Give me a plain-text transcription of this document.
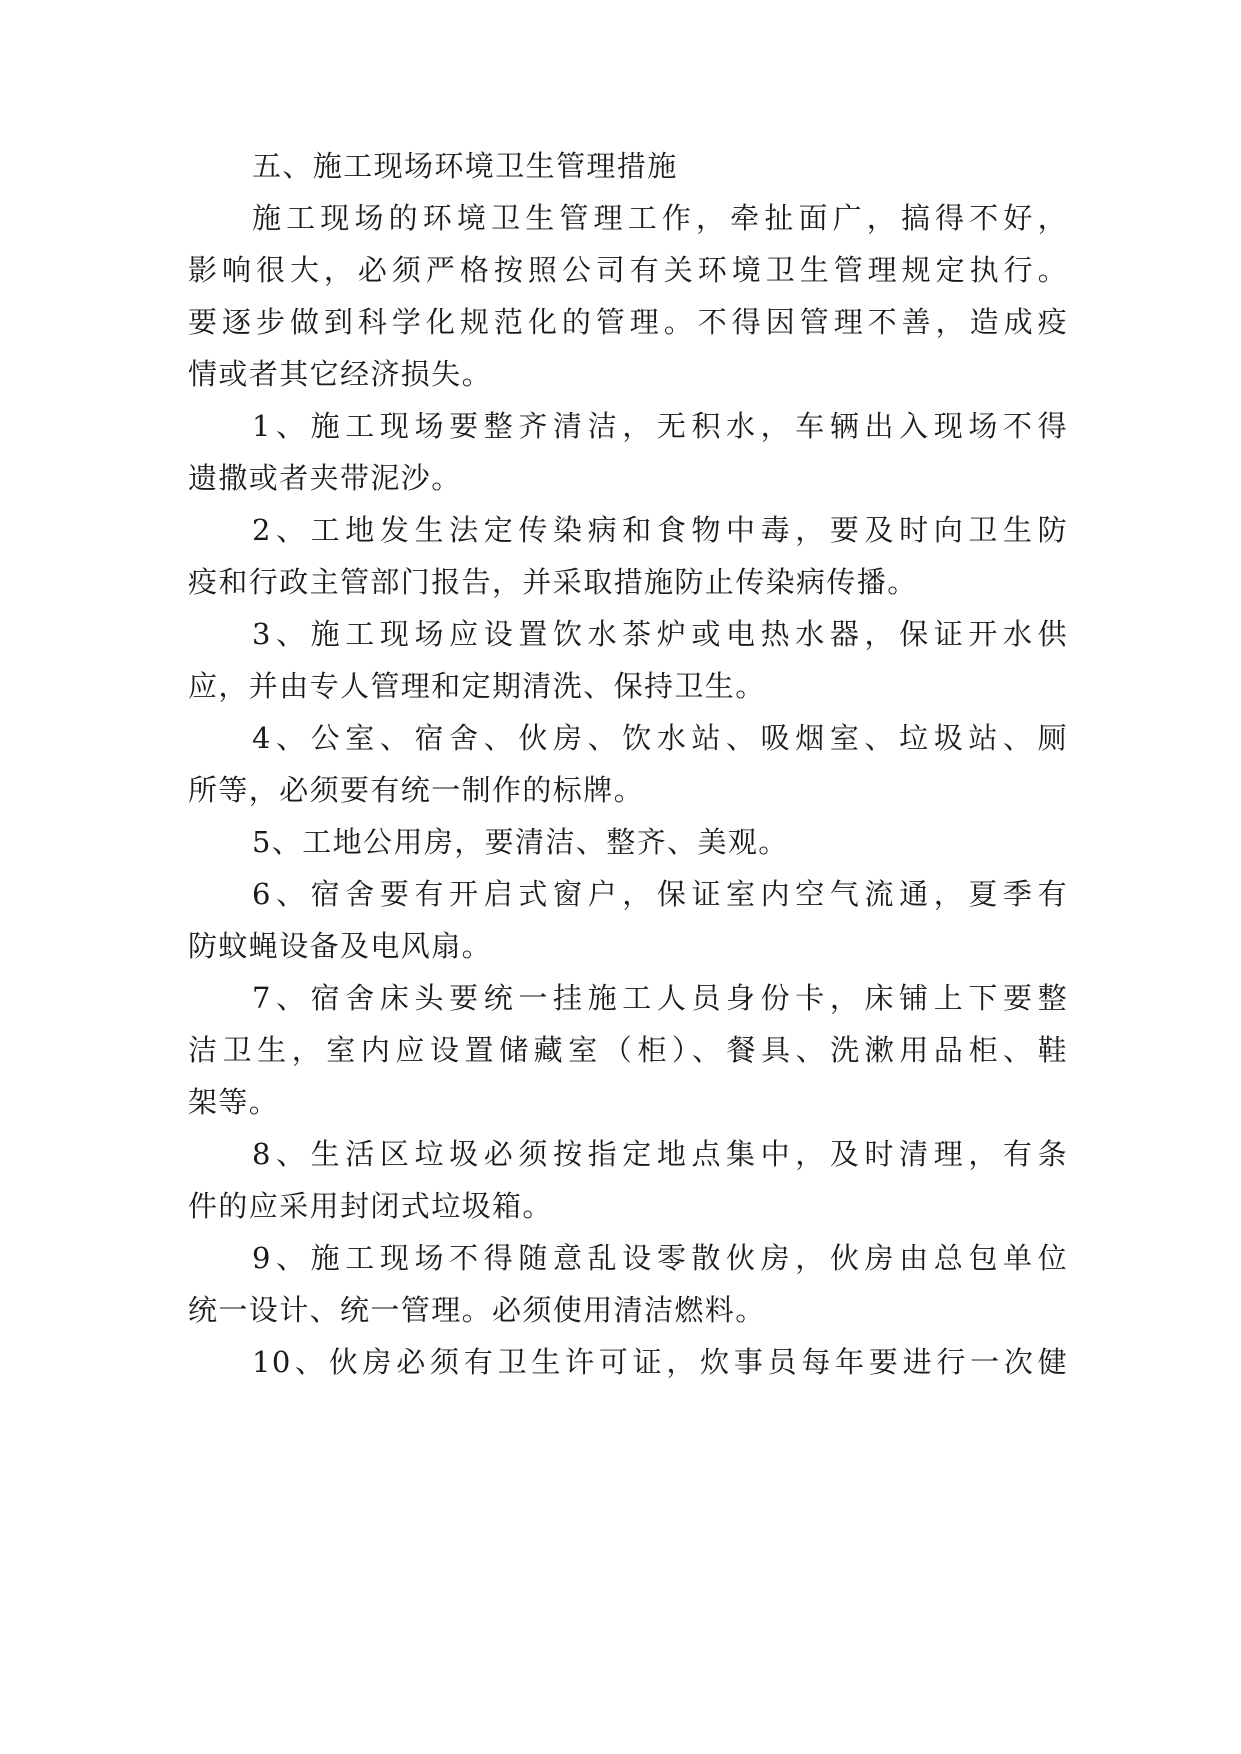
五、施工现场环境卫生管理措施
施工现场的环境卫生管理工作，牵扯面广，搞得不好，
影响很大，必须严格按照公司有关环境卫生管理规定执行。
要逐步做到科学化规范化的管理。不得因管理不善，造成疫
情或者其它经济损失。
1、施工现场要整齐清洁，无积水，车辆出入现场不得
遗撒或者夹带泥沙。
2、工地发生法定传染病和食物中毒，要及时向卫生防
疫和行政主管部门报告，并采取措施防止传染病传播。
3、施工现场应设置饮水茶炉或电热水器，保证开水供
应，并由专人管理和定期清洗、保持卫生。
4、公室、宿舍、伙房、饮水站、吸烟室、垃圾站、厕
所等，必须要有统一制作的标牌。
5、工地公用房，要清洁、整齐、美观。
6、宿舍要有开启式窗户，保证室内空气流通，夏季有
防蚊蝇设备及电风扇。
7、宿舍床头要统一挂施工人员身份卡，床铺上下要整
洁卫生，室内应设置储藏室（柜）、餐具、洗漱用品柜、鞋
架等。
8、生活区垃圾必须按指定地点集中，及时清理，有条
件的应采用封闭式垃圾箱。
9、施工现场不得随意乱设零散伙房，伙房由总包单位
统一设计、统一管理。必须使用清洁燃料。
10、伙房必须有卫生许可证，炊事员每年要进行一次健
